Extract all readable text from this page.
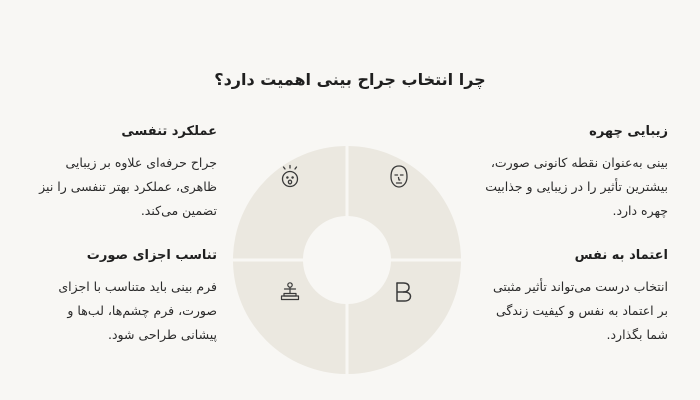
چرا انتخاب جراح بینی اهمیت دارد؟

زیبایی چهره

بینی به‌عنوان نقطه کانونی صورت، بیشترین تأثیر را در زیبایی و جذابیت چهره دارد.

عملکرد تنفسی

جراح حرفه‌ای علاوه بر زیبایی ظاهری، عملکرد بهتر تنفسی را نیز تضمین می‌کند.

اعتماد به نفس

انتخاب درست می‌تواند تأثیر مثبتی بر اعتماد به نفس و کیفیت زندگی شما بگذارد.

تناسب اجزای صورت

فرم بینی باید متناسب با اجزای صورت، فرم چشم‌ها، لب‌ها و پیشانی طراحی شود.
